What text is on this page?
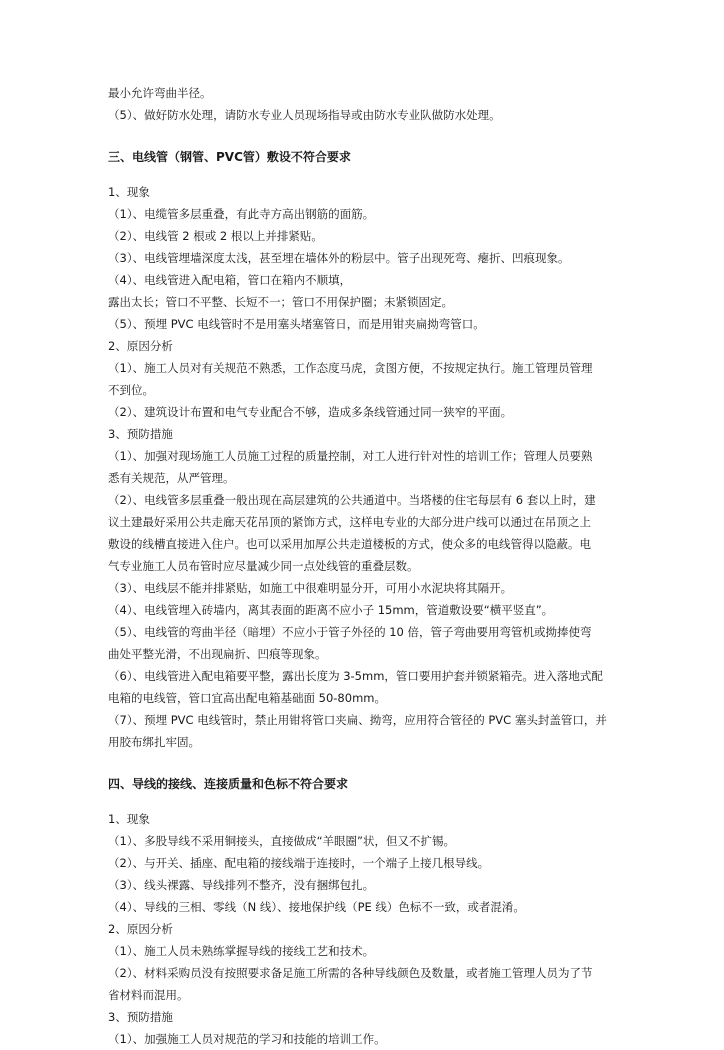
最小允许弯曲半径。

（5）、做好防水处理，请防水专业人员现场指导或由防水专业队做防水处理。

三、电线管（钢管、PVC管）敷设不符合要求

1、现象

（1）、电缆管多层重叠，有此寺方高出钢筋的面筋。

（2）、电线管 2 根或 2 根以上并排紧贴。

（3）、电线管埋墙深度太浅，甚至埋在墙体外的粉层中。管子出现死弯、瘪折、凹痕现象。

（4）、电线管进入配电箱，管口在箱内不顺填，

露出太长；管口不平整、长短不一；管口不用保护圈；未紧锁固定。

（5）、预埋 PVC 电线管时不是用塞头堵塞管日，而是用钳夹扁拗弯管口。

2、原因分析

（1）、施工人员对有关规范不熟悉，工作态度马虎，贪图方便，不按规定执行。施工管理员管理

不到位。

（2）、建筑设计布置和电气专业配合不够，造成多条线管通过同一狭窄的平面。

3、预防措施

（1）、加强对现场施工人员施工过程的质量控制，对工人进行针对性的培训工作；管理人员要熟

悉有关规范，从严管理。

（2）、电线管多层重叠一般出现在高层建筑的公共通道中。当塔楼的住宅每层有 6 套以上时，建

议土建最好采用公共走廊天花吊顶的紧饰方式，这样电专业的大部分进户线可以通过在吊顶之上

敷设的线槽直接进入住户。也可以采用加厚公共走道楼板的方式，使众多的电线管得以隐蔽。电

气专业施工人员布管时应尽量减少同一点处线管的重叠层数。

（3）、电线层不能并排紧贴，如施工中很难明显分开，可用小水泥块将其隔开。

（4）、电线管埋入砖墙内，离其表面的距离不应小子 15mm，管道敷设要“横平竖直”。

（5）、电线管的弯曲半径（暗埋）不应小于管子外径的 10 倍，管子弯曲要用弯管机或拗捧使弯

曲处平整光滑，不出现扁折、凹痕等现象。

（6）、电线管进入配电箱要平整，露出长度为 3-5mm，管口要用护套并锁紧箱壳。进入落地式配

电箱的电线管，管口宜高出配电箱基础面 50-80mm。

（7）、预埋 PVC 电线管时，禁止用钳将管口夹扁、拗弯，应用符合管径的 PVC 塞头封盖管口，并

用胶布绑扎牢固。

四、导线的接线、连接质量和色标不符合要求

1、现象

（1）、多股导线不采用铜接头，直接做成“羊眼圈”状，但又不扩锡。

（2）、与开关、插座、配电箱的接线端于连接时，一个端子上接几根导线。

（3）、线头裸露、导线排列不整齐，没有捆绑包扎。

（4）、导线的三相、零线（N 线）、接地保护线（PE 线）色标不一致，或者混淆。

2、原因分析

（1）、施工人员未熟练掌握导线的接线工艺和技术。

（2）、材料采购员没有按照要求备足施工所需的各种导线颜色及数量，或者施工管理人员为了节

省材料而混用。

3、预防措施

（1）、加强施工人员对规范的学习和技能的培训工作。
